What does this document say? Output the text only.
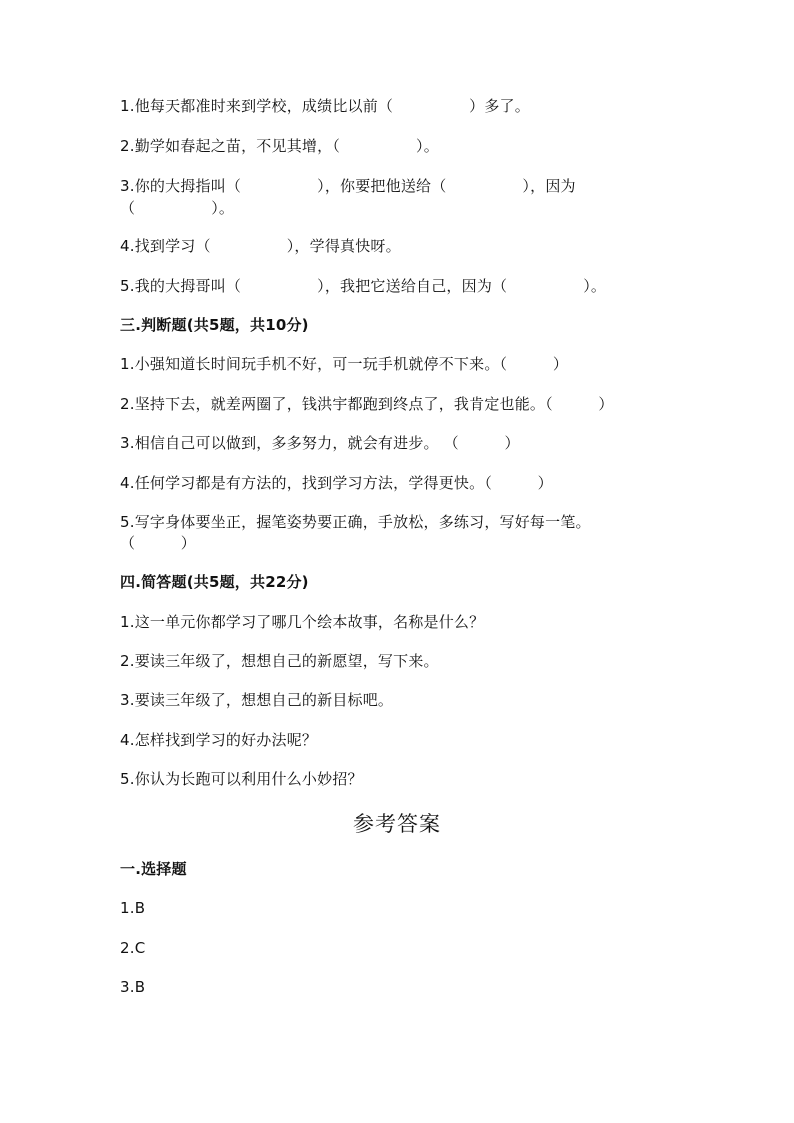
1.他每天都准时来到学校，成绩比以前（　　　　　）多了。
2.勤学如春起之苗，不见其增，（　　　　　）。
3.你的大拇指叫（　　　　　），你要把他送给（　　　　　），因为
（　　　　　）。
4.找到学习（　　　　　），学得真快呀。
5.我的大拇哥叫（　　　　　），我把它送给自己，因为（　　　　　）。
三.判断题(共5题，共10分)
1.小强知道长时间玩手机不好，可一玩手机就停不下来。（　　　）
2.坚持下去，就差两圈了，钱洪宇都跑到终点了，我肯定也能。（　　　）
3.相信自己可以做到，多多努力，就会有进步。 （　　　）
4.任何学习都是有方法的，找到学习方法，学得更快。（　　　）
5.写字身体要坐正，握笔姿势要正确，手放松，多练习，写好每一笔。
（　　　）
四.简答题(共5题，共22分)
1.这一单元你都学习了哪几个绘本故事，名称是什么？
2.要读三年级了，想想自己的新愿望，写下来。
3.要读三年级了，想想自己的新目标吧。
4.怎样找到学习的好办法呢？
5.你认为长跑可以利用什么小妙招？
参考答案
一.选择题
1.B
2.C
3.B
